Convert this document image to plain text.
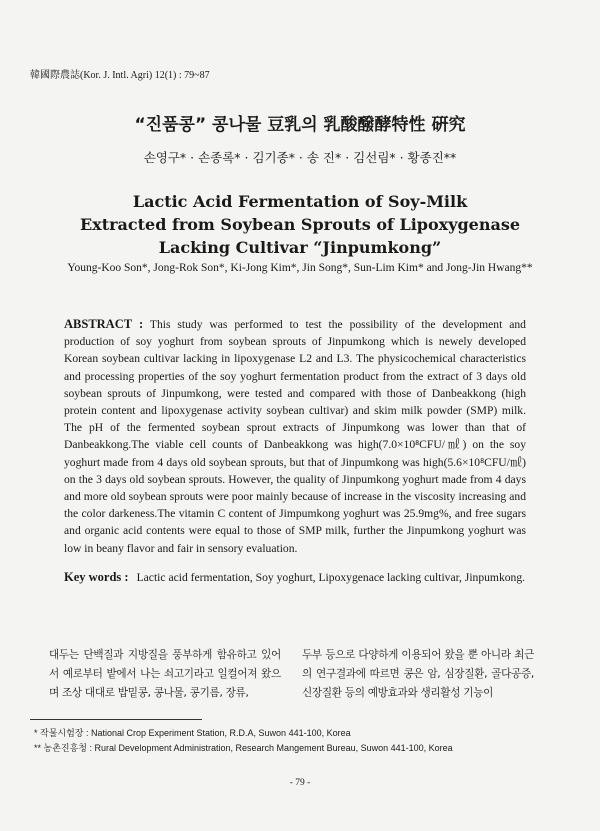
韓國際農誌(Kor. J. Intl. Agri) 12(1) : 79~87
“진품콩” 콩나물 豆乳의 乳酸醱酵特性 硏究
손영구* · 손종록* · 김기종* · 송 진* · 김선림* · 황종진**
Lactic Acid Fermentation of Soy-Milk
Extracted from Soybean Sprouts of Lipoxygenase
Lacking Cultivar “Jinpumkong”
Young-Koo Son*, Jong-Rok Son*, Ki-Jong Kim*, Jin Song*, Sun-Lim Kim* and Jong-Jin Hwang**
ABSTRACT : This study was performed to test the possibility of the development and production of soy yoghurt from soybean sprouts of Jinpumkong which is newely developed Korean soybean cultivar lacking in lipoxygenase L2 and L3. The physicochemical characteristics and processing properties of the soy yoghurt fermentation product from the extract of 3 days old soybean sprouts of Jinpumkong, were tested and compared with those of Danbeakkong (high protein content and lipoxygenase activity soybean cultivar) and skim milk powder (SMP) milk. The pH of the fermented soybean sprout extracts of Jinpumkong was lower than that of Danbeakkong.The viable cell counts of Danbeakkong was high(7.0×10⁸CFU/㎖) on the soy yoghurt made from 4 days old soybean sprouts, but that of Jinpumkong was high(5.6×10⁸CFU/㎖) on the 3 days old soybean sprouts. However, the quality of Jinpumkong yoghurt made from 4 days and more old soybean sprouts were poor mainly because of increase in the viscosity increasing and the color darkeness.The vitamin C content of Jimpumkong yoghurt was 25.9mg%, and free sugars and organic acid contents were equal to those of SMP milk, further the Jinpumkong yoghurt was low in beany flavor and fair in sensory evaluation.
Key words : Lactic acid fermentation, Soy yoghurt, Lipoxygenace lacking cultivar, Jinpumkong.
대두는 단백질과 지방질을 풍부하게 함유하고 있어서 예로부터 밭에서 나는 쇠고기라고 일컬어져 왔으며 조상 대대로 밥밑콩, 콩나물, 콩기름, 장류,
두부 등으로 다양하게 이용되어 왔을 뿐 아니라 최근의 연구결과에 따르면 콩은 암, 심장질환, 골다공증, 신장질환 등의 예방효과와 생리활성 기능이
* 작물시험장 : National Crop Experiment Station, R.D.A, Suwon 441-100, Korea
** 농촌진흥청 : Rural Development Administration, Research Mangement Bureau, Suwon 441-100, Korea
- 79 -
